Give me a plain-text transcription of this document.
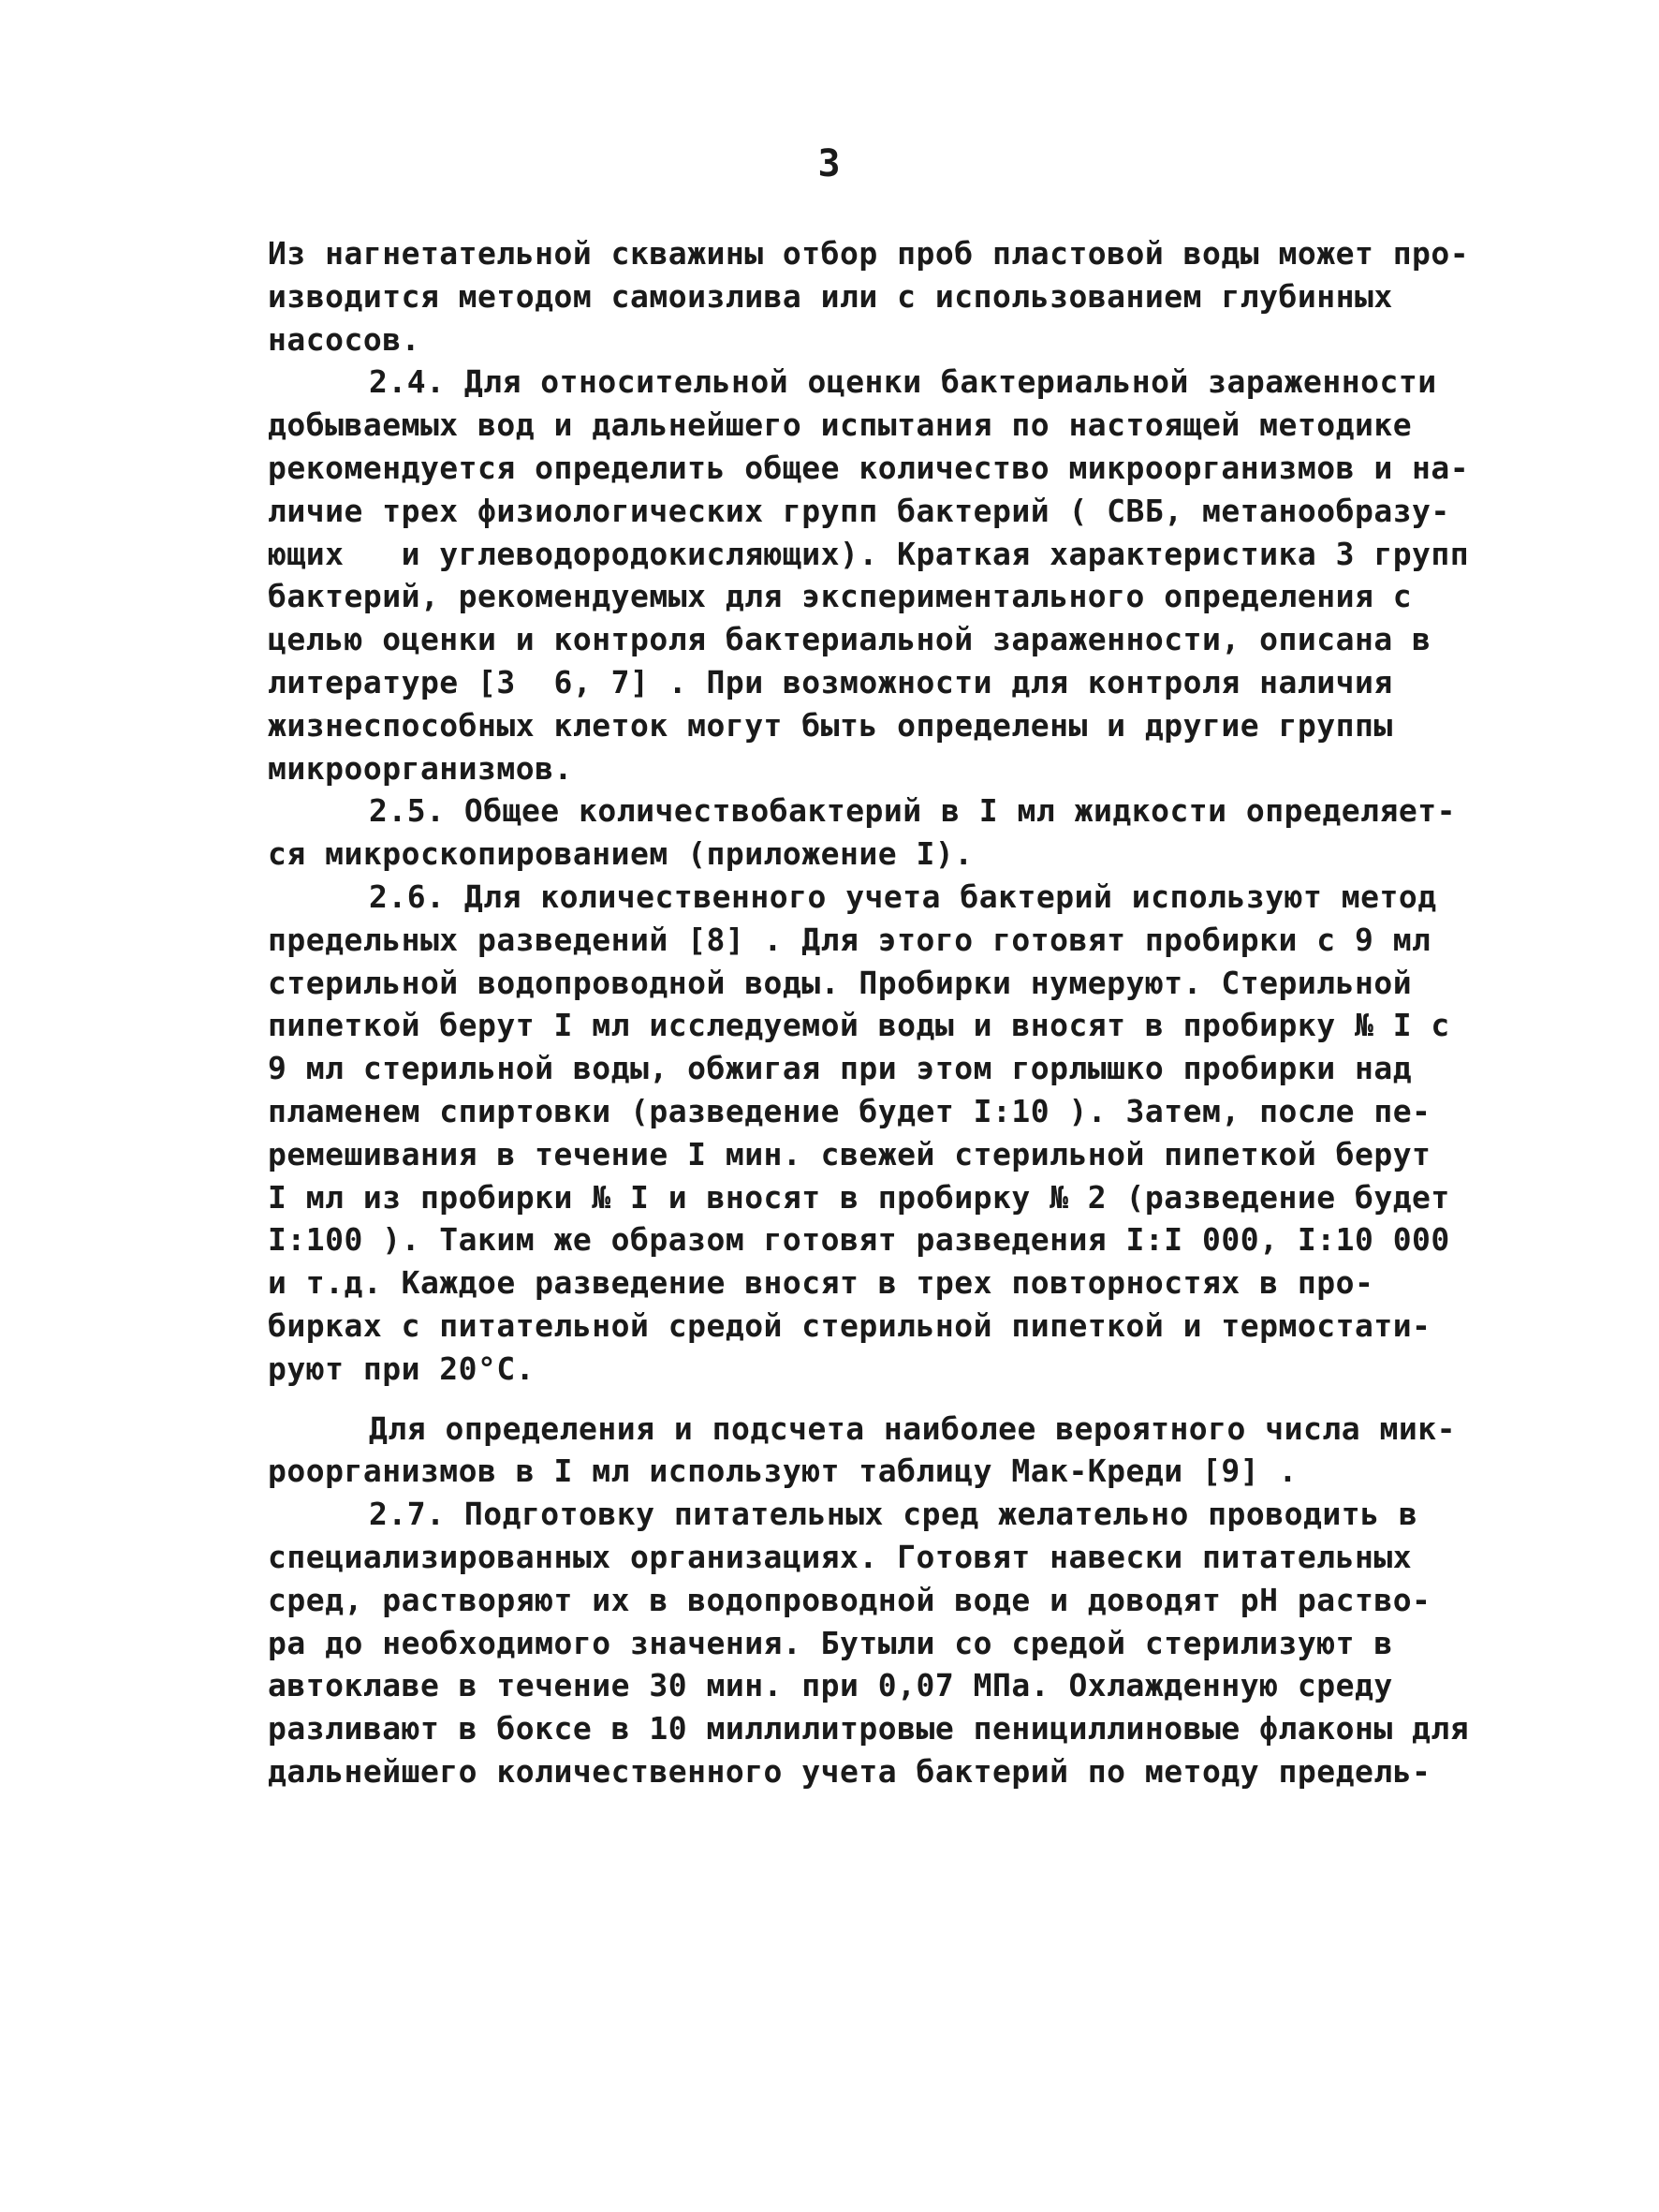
3
Из нагнетательной скважины отбор проб пластовой воды может про-
изводится методом самоизлива или с использованием глубинных
насосов.
2.4. Для относительной оценки бактериальной зараженности
добываемых вод и дальнейшего испытания по настоящей методике
рекомендуется определить общее количество микроорганизмов и на-
личие трех физиологических групп бактерий ( СВБ, метанообразу-
ющих   и углеводородокисляющих). Краткая характеристика 3 групп
бактерий, рекомендуемых для экспериментального определения с
целью оценки и контроля бактериальной зараженности, описана в
литературе [3  6, 7] . При возможности для контроля наличия
жизнеспособных клеток могут быть определены и другие группы
микроорганизмов.
2.5. Общее количествобактерий в I мл жидкости определяет-
ся микроскопированием (приложение I).
2.6. Для количественного учета бактерий используют метод
предельных разведений [8] . Для этого готовят пробирки с 9 мл
стерильной водопроводной воды. Пробирки нумеруют. Стерильной
пипеткой берут I мл исследуемой воды и вносят в пробирку № I с
9 мл стерильной воды, обжигая при этом горлышко пробирки над
пламенем спиртовки (разведение будет I:10 ). Затем, после пе-
ремешивания в течение I мин. свежей стерильной пипеткой берут
I мл из пробирки № I и вносят в пробирку № 2 (разведение будет
I:100 ). Таким же образом готовят разведения I:I 000, I:10 000
и т.д. Каждое разведение вносят в трех повторностях в про-
бирках с питательной средой стерильной пипеткой и термостати-
руют при 20°С.
Для определения и подсчета наиболее вероятного числа мик-
роорганизмов в I мл используют таблицу Мак-Креди [9] .
2.7. Подготовку питательных сред желательно проводить в
специализированных организациях. Готовят навески питательных
сред, растворяют их в водопроводной воде и доводят рН раство-
ра до необходимого значения. Бутыли со средой стерилизуют в
автоклаве в течение 30 мин. при 0,07 МПа. Охлажденную среду
разливают в боксе в 10 миллилитровые пенициллиновые флаконы для
дальнейшего количественного учета бактерий по методу предель-
